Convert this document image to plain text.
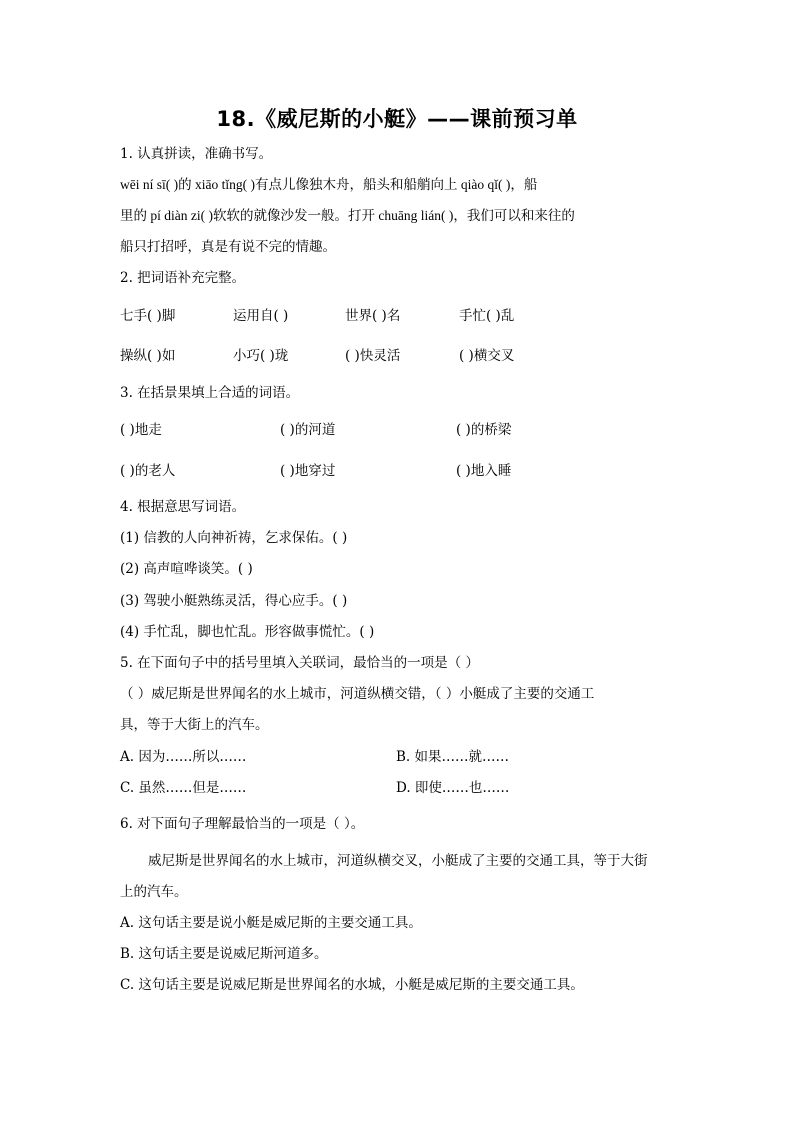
18.《威尼斯的小艇》——课前预习单
1. 认真拼读，准确书写。
wēi ní sī( )的 xiāo tǐng( )有点儿像独木舟，船头和船艄向上 qiào qǐ( )，船
里的 pí diàn zi( )软软的就像沙发一般。打开 chuāng lián( )，我们可以和来往的
船只打招呼，真是有说不完的情趣。
2. 把词语补充完整。
七手( )脚	运用自( )	世界( )名	手忙( )乱
操纵( )如	小巧( )珑	( )快灵活	( )横交叉
3. 在括景果填上合适的词语。
( )地走	( )的河道	( )的桥梁
( )的老人	( )地穿过	( )地入睡
4. 根据意思写词语。
(1) 信教的人向神祈祷，乞求保佑。( )
(2) 高声喧哗谈笑。( )
(3) 驾驶小艇熟练灵活，得心应手。( )
(4) 手忙乱，脚也忙乱。形容做事慌忙。( )
5. 在下面句子中的括号里填入关联词，最恰当的一项是（ ）
（ ）威尼斯是世界闻名的水上城市，河道纵横交错，（ ）小艇成了主要的交通工
具，等于大街上的汽车。
A. 因为……所以……	B. 如果……就……
C. 虽然……但是……	D. 即使……也……
6. 对下面句子理解最恰当的一项是（ ）。
威尼斯是世界闻名的水上城市，河道纵横交叉，小艇成了主要的交通工具，等于大街
上的汽车。
A. 这句话主要是说小艇是威尼斯的主要交通工具。
B. 这句话主要是说威尼斯河道多。
C. 这句话主要是说威尼斯是世界闻名的水城，小艇是威尼斯的主要交通工具。
